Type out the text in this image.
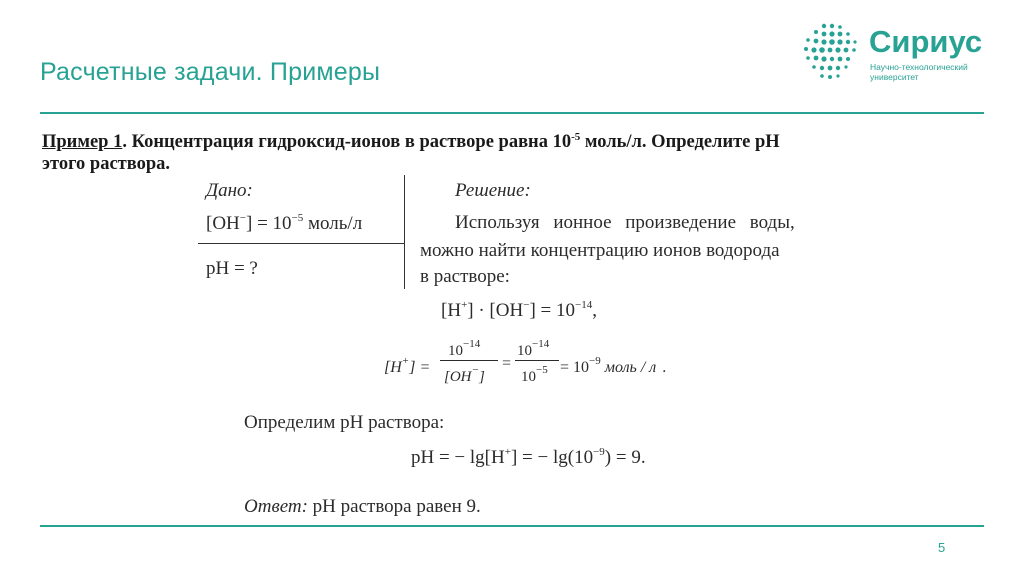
Расчетные задачи. Примеры
Сириус
Научно-технологический
университет
Пример 1. Концентрация гидроксид-ионов в растворе равна $10^{-5}$ моль/л. Определите pH
этого раствора.
Дано:
$[OH^-] = 10^{-5}$ моль/л
pH = ?
Решение:
Используя ионное произведение воды,
можно найти концентрацию ионов водорода
в растворе:
$[H^+] \cdot [OH^-] = 10^{-14}$,
[H+] =
$10^{-14}$
[OH−]
=
$10^{-14}$
$10^{-5} = 10^{-9}$ моль / л .
Определим pH раствора:
pH = − lg[H+] = − $\lg(10^{-9}) = 9$.
Ответ: pH раствора равен 9.
5
